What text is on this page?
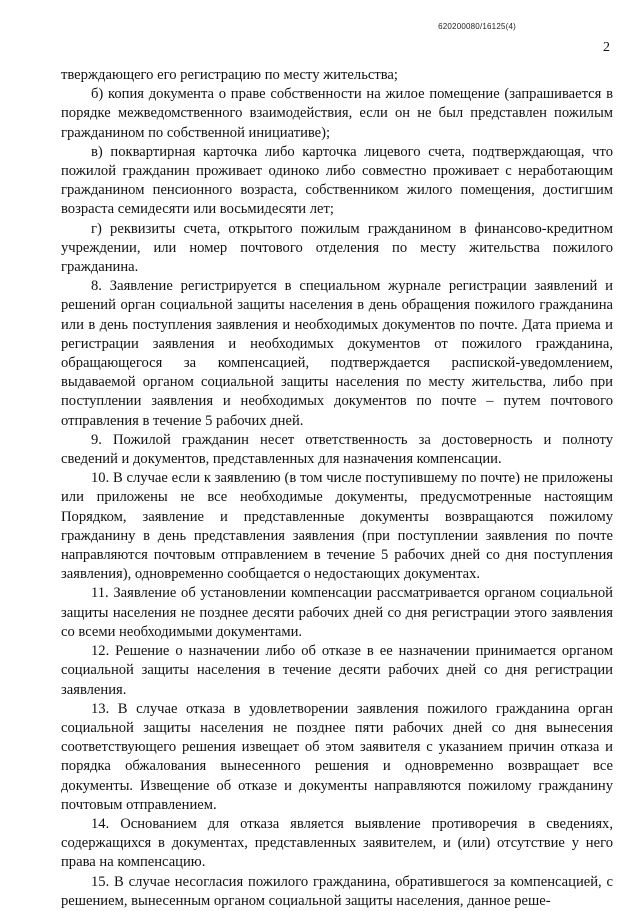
620200080/16125(4)
2

тверждающего его регистрацию по месту жительства;

б) копия документа о праве собственности на жилое помещение (запрашивается в порядке межведомственного взаимодействия, если он не был представлен пожилым гражданином по собственной инициативе);

в) поквартирная карточка либо карточка лицевого счета, подтверждающая, что пожилой гражданин проживает одиноко либо совместно проживает с неработающим гражданином пенсионного возраста, собственником жилого помещения, достигшим возраста семидесяти или восьмидесяти лет;

г) реквизиты счета, открытого пожилым гражданином в финансово-кредитном учреждении, или номер почтового отделения по месту жительства пожилого гражданина.

8. Заявление регистрируется в специальном журнале регистрации заявлений и решений орган социальной защиты населения в день обращения пожилого гражданина или в день поступления заявления и необходимых документов по почте. Дата приема и регистрации заявления и необходимых документов от пожилого гражданина, обращающегося за компенсацией, подтверждается распиской-уведомлением, выдаваемой органом социальной защиты населения по месту жительства, либо при поступлении заявления и необходимых документов по почте – путем почтового отправления в течение 5 рабочих дней.

9. Пожилой гражданин несет ответственность за достоверность и полноту сведений и документов, представленных для назначения компенсации.

10. В случае если к заявлению (в том числе поступившему по почте) не приложены или приложены не все необходимые документы, предусмотренные настоящим Порядком, заявление и представленные документы возвращаются пожилому гражданину в день представления заявления (при поступлении заявления по почте направляются почтовым отправлением в течение 5 рабочих дней со дня поступления заявления), одновременно сообщается о недостающих документах.

11. Заявление об установлении компенсации рассматривается органом социальной защиты населения не позднее десяти рабочих дней со дня регистрации этого заявления со всеми необходимыми документами.

12. Решение о назначении либо об отказе в ее назначении принимается органом социальной защиты населения в течение десяти рабочих дней со дня регистрации заявления.

13. В случае отказа в удовлетворении заявления пожилого гражданина орган социальной защиты населения не позднее пяти рабочих дней со дня вынесения соответствующего решения извещает об этом заявителя с указанием причин отказа и порядка обжалования вынесенного решения и одновременно возвращает все документы. Извещение об отказе и документы направляются пожилому гражданину почтовым отправлением.

14. Основанием для отказа является выявление противоречия в сведениях, содержащихся в документах, представленных заявителем, и (или) отсутствие у него права на компенсацию.

15. В случае несогласия пожилого гражданина, обратившегося за компенсацией, с решением, вынесенным органом социальной защиты населения, данное реше-
